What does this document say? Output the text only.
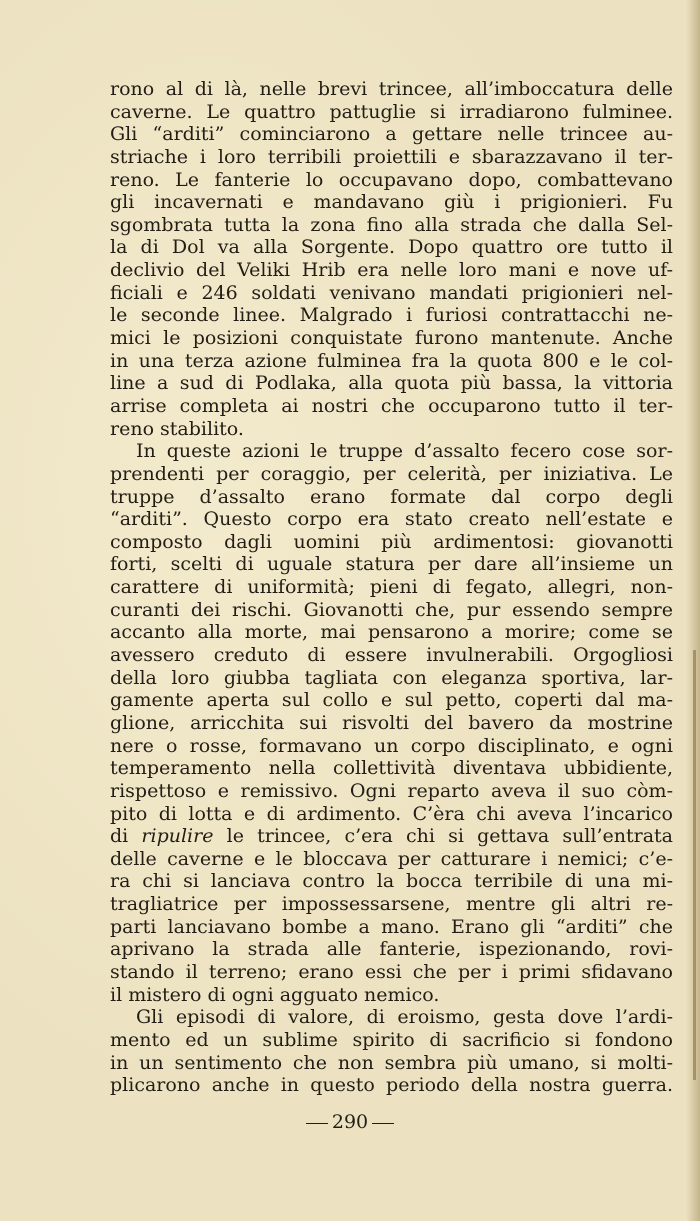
rono al di là, nelle brevi trincee, all’imboccatura delle
caverne. Le quattro pattuglie si irradiarono fulminee.
Gli “arditi” cominciarono a gettare nelle trincee au-
striache i loro terribili proiettili e sbarazzavano il ter-
reno. Le fanterie lo occupavano dopo, combattevano
gli incavernati e mandavano giù i prigionieri. Fu
sgombrata tutta la zona fino alla strada che dalla Sel-
la di Dol va alla Sorgente. Dopo quattro ore tutto il
declivio del Veliki Hrib era nelle loro mani e nove uf-
ficiali e 246 soldati venivano mandati prigionieri nel-
le seconde linee. Malgrado i furiosi contrattacchi ne-
mici le posizioni conquistate furono mantenute. Anche
in una terza azione fulminea fra la quota 800 e le col-
line a sud di Podlaka, alla quota più bassa, la vittoria
arrise completa ai nostri che occuparono tutto il ter-
reno stabilito.
In queste azioni le truppe d’assalto fecero cose sor-
prendenti per coraggio, per celerità, per iniziativa. Le
truppe d’assalto erano formate dal corpo degli
“arditi”. Questo corpo era stato creato nell’estate e
composto dagli uomini più ardimentosi: giovanotti
forti, scelti di uguale statura per dare all’insieme un
carattere di uniformità; pieni di fegato, allegri, non-
curanti dei rischi. Giovanotti che, pur essendo sempre
accanto alla morte, mai pensarono a morire; come se
avessero creduto di essere invulnerabili. Orgogliosi
della loro giubba tagliata con eleganza sportiva, lar-
gamente aperta sul collo e sul petto, coperti dal ma-
glione, arricchita sui risvolti del bavero da mostrine
nere o rosse, formavano un corpo disciplinato, e ogni
temperamento nella collettività diventava ubbidiente,
rispettoso e remissivo. Ogni reparto aveva il suo còm-
pito di lotta e di ardimento. C’èra chi aveva l’incarico
di ripulire le trincee, c’era chi si gettava sull’entrata
delle caverne e le bloccava per catturare i nemici; c’e-
ra chi si lanciava contro la bocca terribile di una mi-
tragliatrice per impossessarsene, mentre gli altri re-
parti lanciavano bombe a mano. Erano gli “arditi” che
aprivano la strada alle fanterie, ispezionando, rovi-
stando il terreno; erano essi che per i primi sfidavano
il mistero di ogni agguato nemico.
Gli episodi di valore, di eroismo, gesta dove l’ardi-
mento ed un sublime spirito di sacrificio si fondono
in un sentimento che non sembra più umano, si molti-
plicarono anche in questo periodo della nostra guerra.
290
